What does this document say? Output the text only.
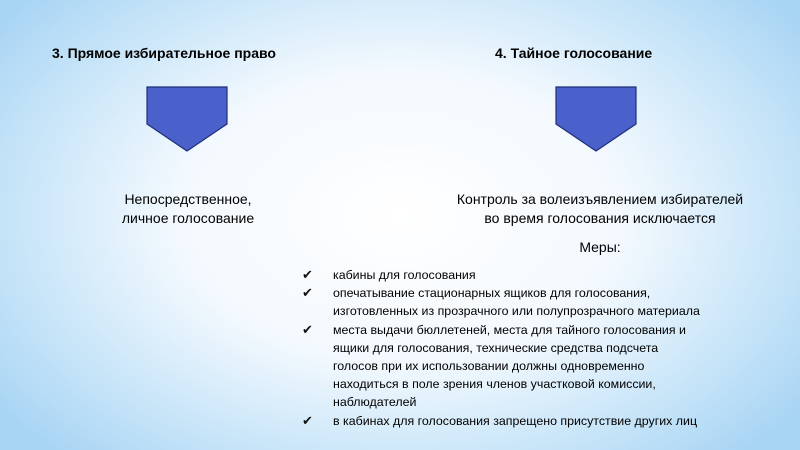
3. Прямое избирательное право	4. Тайное голосование
Непосредственное,
личное голосование
Контроль за волеизъявлением избирателей
во время голосования исключается
Меры:
✔ кабины для голосования
✔ опечатывание стационарных ящиков для голосования,
изготовленных из прозрачного или полупрозрачного материала
✔ места выдачи бюллетеней, места для тайного голосования и
ящики для голосования, технические средства подсчета
голосов при их использовании должны одновременно
находиться в поле зрения членов участковой комиссии,
наблюдателей
✔ в кабинах для голосования запрещено присутствие других лиц
